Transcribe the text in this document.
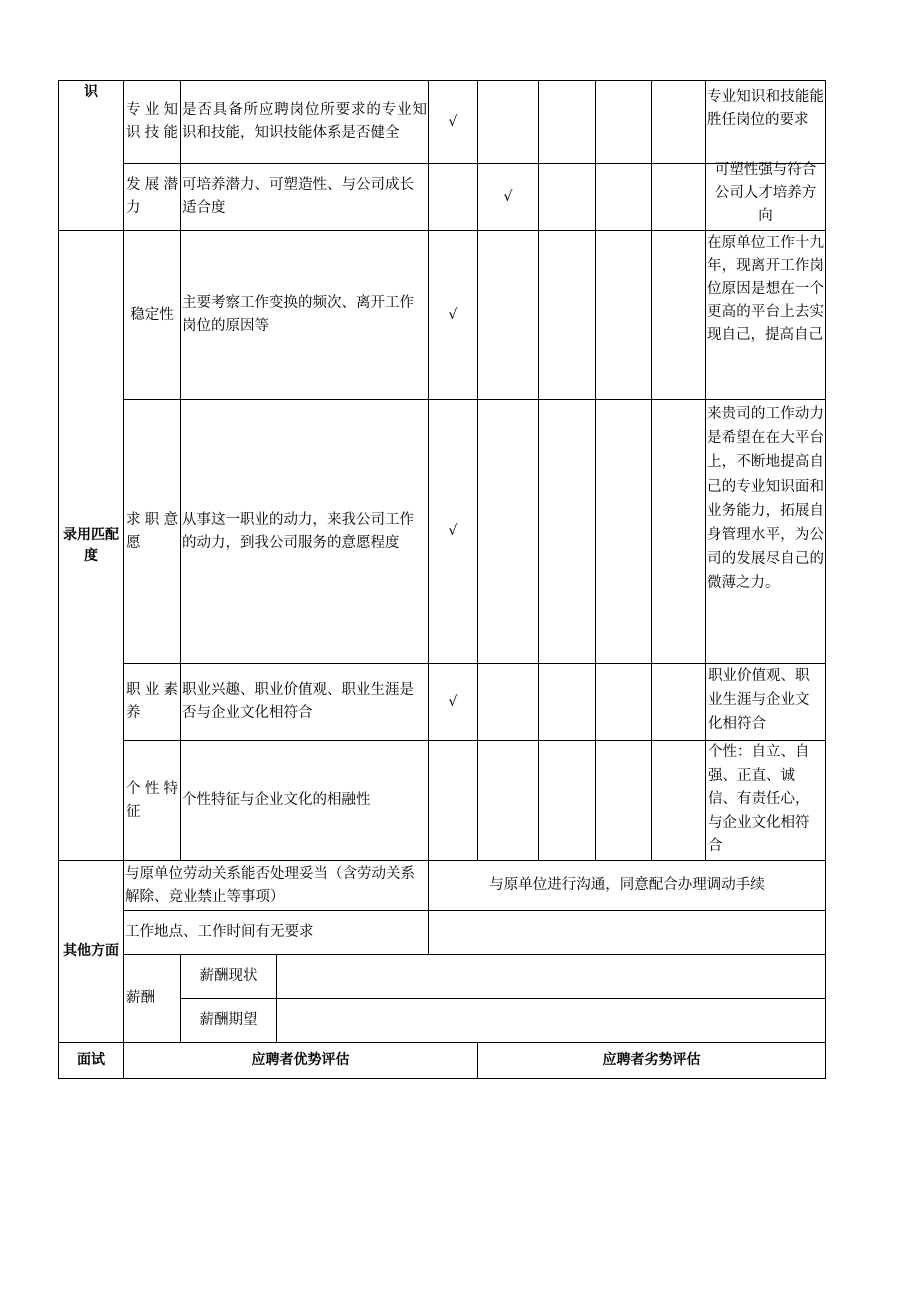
识
录用匹配度
其他方面
面试
专业知识技能
是否具备所应聘岗位所要求的专业知识和技能，知识技能体系是否健全
√
专业知识和技能能胜任岗位的要求
发展潜力
可培养潜力、可塑造性、与公司成长适合度
√
可塑性强与符合公司人才培养方向
稳定性
主要考察工作变换的频次、离开工作岗位的原因等
√
在原单位工作十九年，现离开工作岗位原因是想在一个更高的平台上去实现自己，提高自己
求职意愿
从事这一职业的动力，来我公司工作的动力，到我公司服务的意愿程度
√
来贵司的工作动力是希望在在大平台上，不断地提高自己的专业知识面和业务能力，拓展自身管理水平，为公司的发展尽自己的微薄之力。
职业素养
职业兴趣、职业价值观、职业生涯是否与企业文化相符合
√
职业价值观、职业生涯与企业文化相符合
个性特征
个性特征与企业文化的相融性
个性：自立、自强、正直、诚信、有责任心，与企业文化相符合
与原单位劳动关系能否处理妥当（含劳动关系解除、竞业禁止等事项）
与原单位进行沟通，同意配合办理调动手续
工作地点、工作时间有无要求
薪酬
薪酬现状
薪酬期望
应聘者优势评估	应聘者劣势评估
